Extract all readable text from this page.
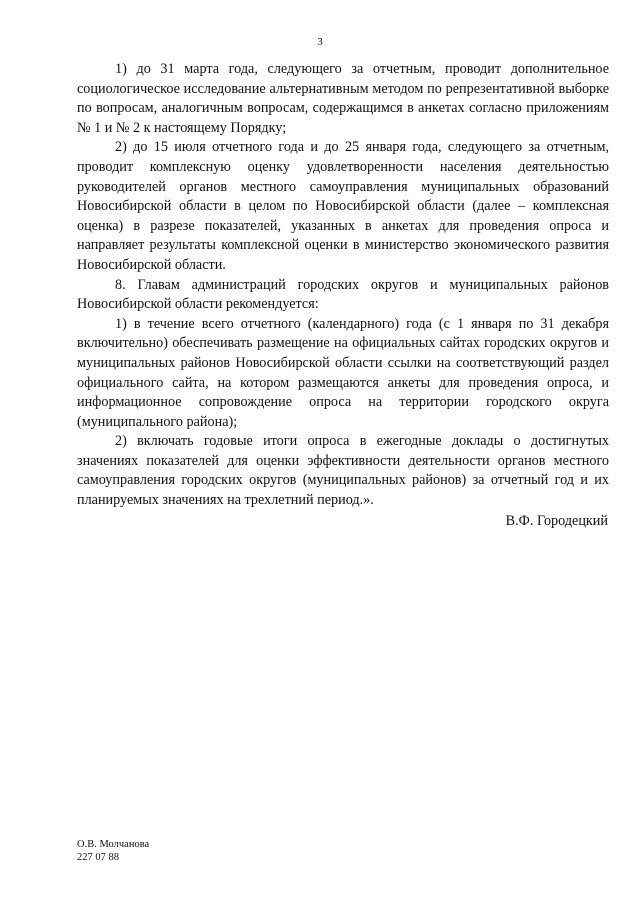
3

1) до 31 марта года, следующего за отчетным, проводит дополнительное социологическое исследование альтернативным методом по репрезентативной выборке по вопросам, аналогичным вопросам, содержащимся в анкетах согласно приложениям № 1 и № 2 к настоящему Порядку;

2) до 15 июля отчетного года и до 25 января года, следующего за отчетным, проводит комплексную оценку удовлетворенности населения деятельностью руководителей органов местного самоуправления муниципальных образований Новосибирской области в целом по Новосибирской области (далее – комплексная оценка) в разрезе показателей, указанных в анкетах для проведения опроса и направляет результаты комплексной оценки в министерство экономического развития Новосибирской области.

8. Главам администраций городских округов и муниципальных районов Новосибирской области рекомендуется:

1) в течение всего отчетного (календарного) года (с 1 января по 31 декабря включительно) обеспечивать размещение на официальных сайтах городских округов и муниципальных районов Новосибирской области ссылки на соответствующий раздел официального сайта, на котором размещаются анкеты для проведения опроса, и информационное сопровождение опроса на территории городского округа (муниципального района);

2) включать годовые итоги опроса в ежегодные доклады о достигнутых значениях показателей для оценки эффективности деятельности органов местного самоуправления городских округов (муниципальных районов) за отчетный год и их планируемых значениях на трехлетний период.».

В.Ф. Городецкий
О.В. Молчанова
227 07 88
